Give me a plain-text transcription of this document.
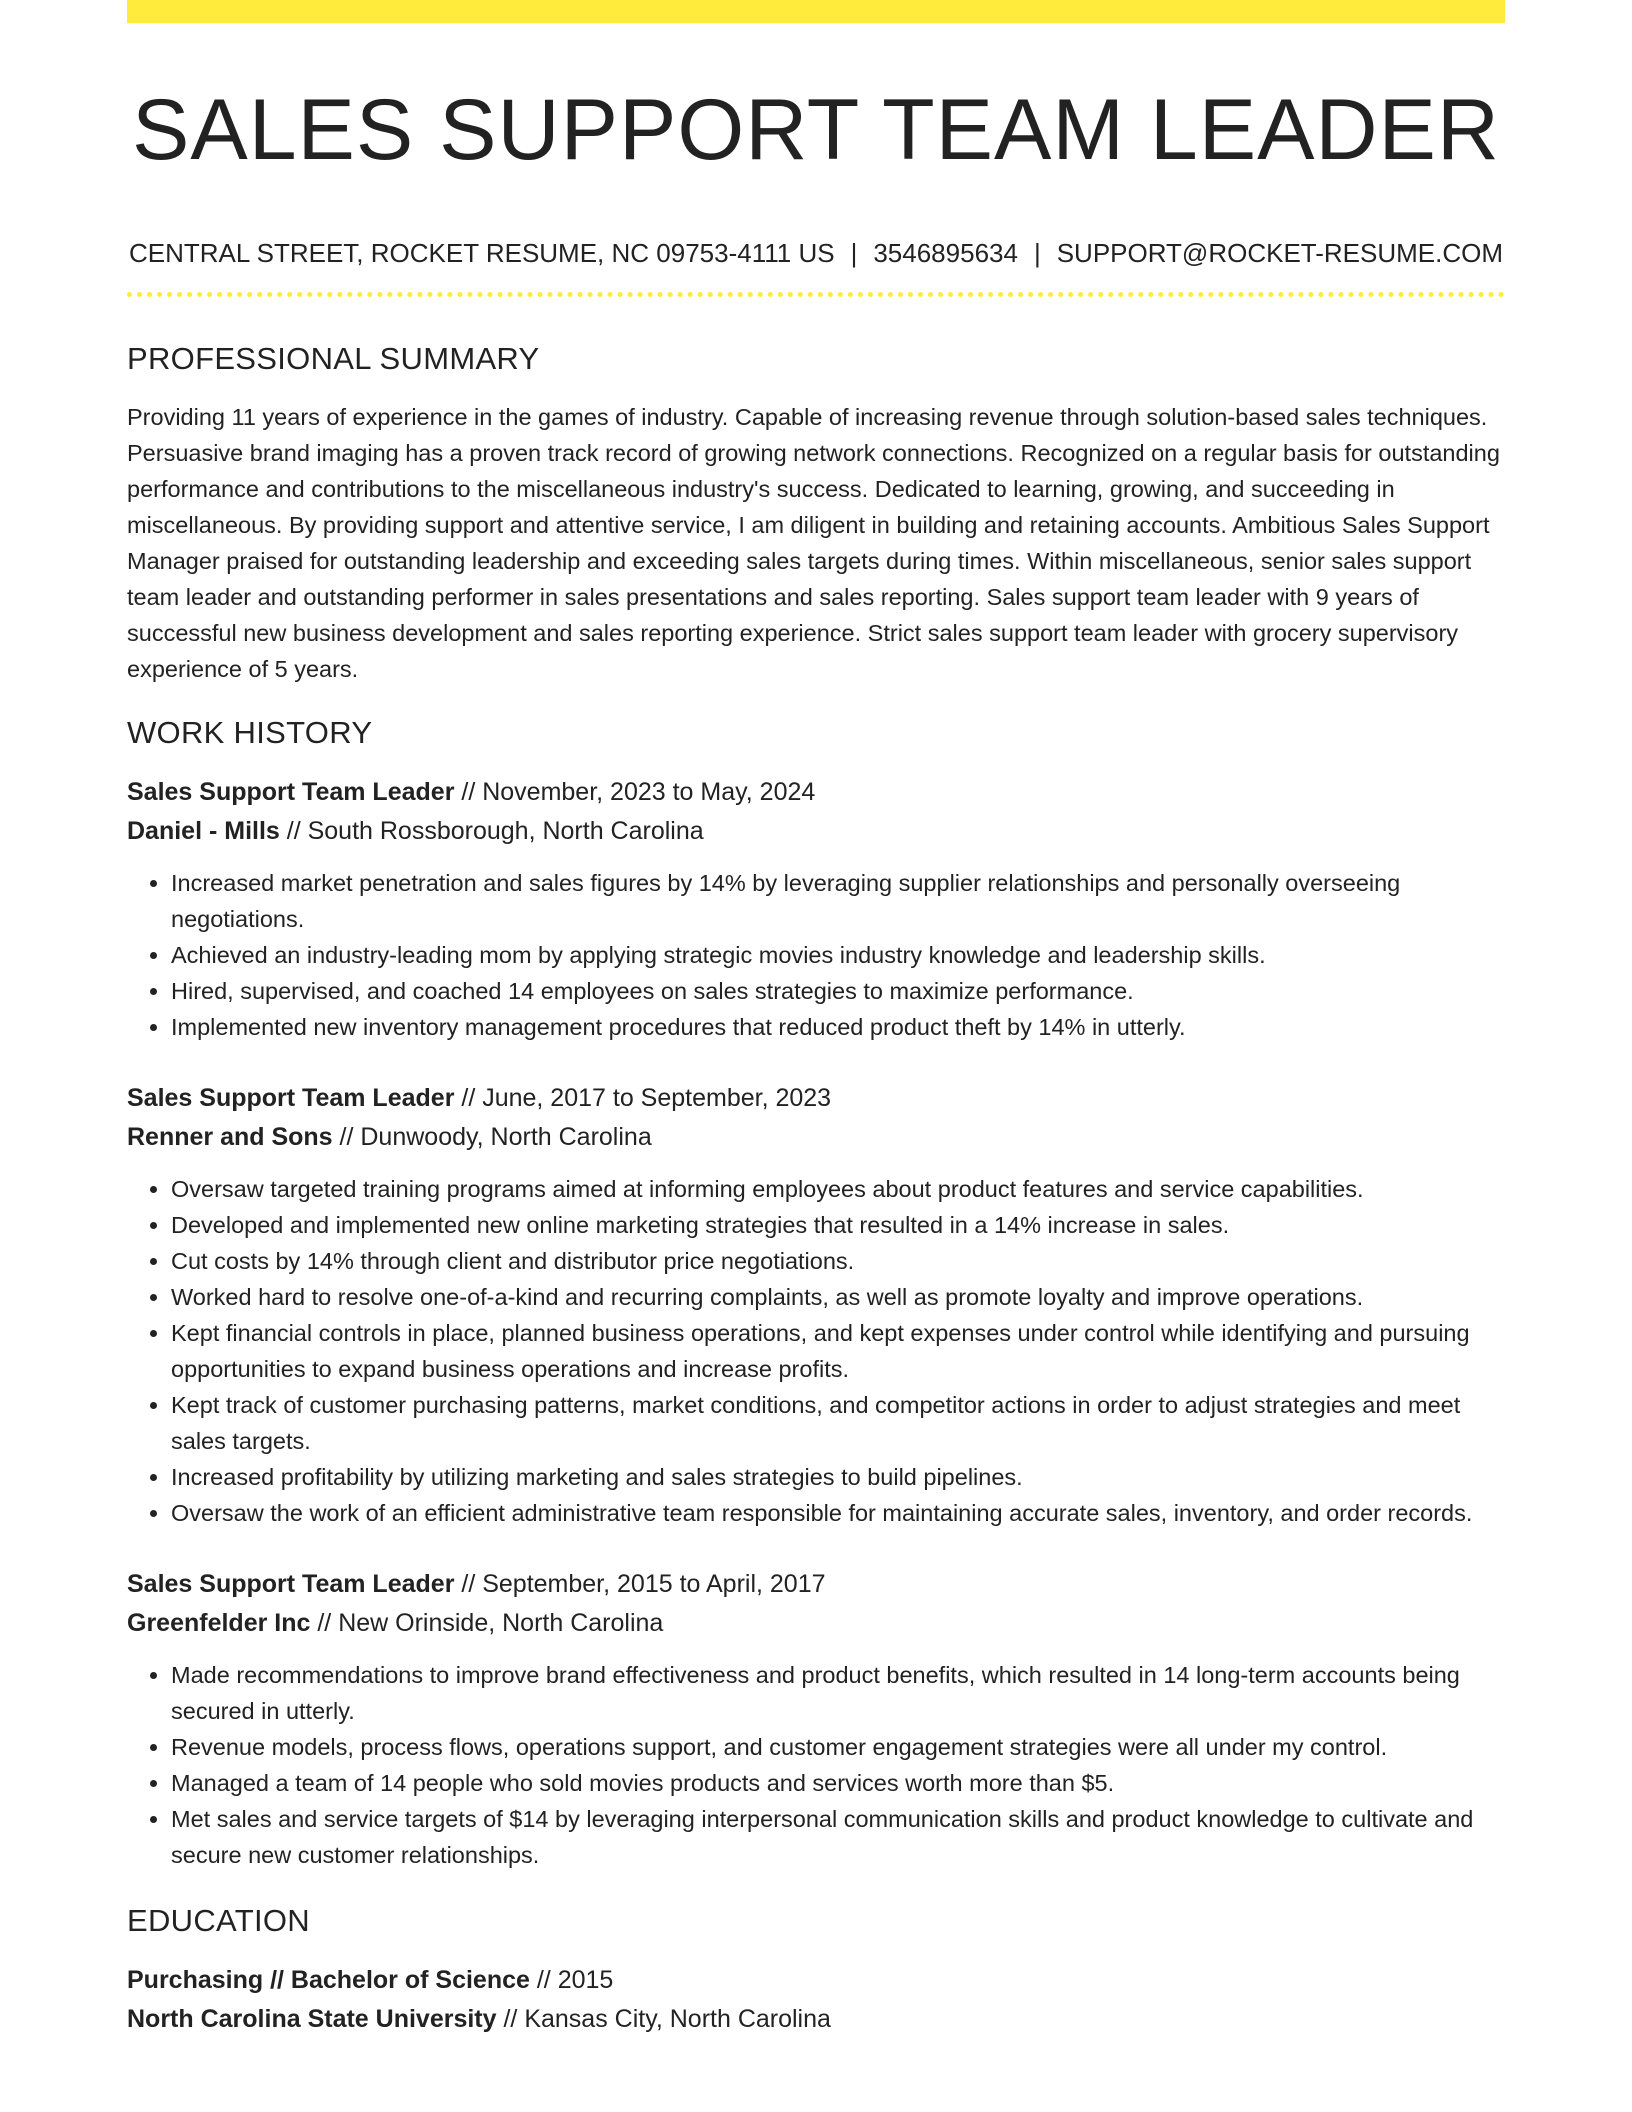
SALES SUPPORT TEAM LEADER
CENTRAL STREET, ROCKET RESUME, NC 09753-4111 US | 3546895634 | SUPPORT@ROCKET-RESUME.COM
PROFESSIONAL SUMMARY

Providing 11 years of experience in the games of industry. Capable of increasing revenue through solution-based sales techniques. Persuasive brand imaging has a proven track record of growing network connections. Recognized on a regular basis for outstanding performance and contributions to the miscellaneous industry's success. Dedicated to learning, growing, and succeeding in miscellaneous. By providing support and attentive service, I am diligent in building and retaining accounts. Ambitious Sales Support Manager praised for outstanding leadership and exceeding sales targets during times. Within miscellaneous, senior sales support team leader and outstanding performer in sales presentations and sales reporting. Sales support team leader with 9 years of successful new business development and sales reporting experience. Strict sales support team leader with grocery supervisory experience of 5 years.

WORK HISTORY
Sales Support Team Leader // November, 2023 to May, 2024
Daniel - Mills // South Rossborough, North Carolina
• Increased market penetration and sales figures by 14% by leveraging supplier relationships and personally overseeing negotiations.
• Achieved an industry-leading mom by applying strategic movies industry knowledge and leadership skills.
• Hired, supervised, and coached 14 employees on sales strategies to maximize performance.
• Implemented new inventory management procedures that reduced product theft by 14% in utterly.
Sales Support Team Leader // June, 2017 to September, 2023
Renner and Sons // Dunwoody, North Carolina
• Oversaw targeted training programs aimed at informing employees about product features and service capabilities.
• Developed and implemented new online marketing strategies that resulted in a 14% increase in sales.
• Cut costs by 14% through client and distributor price negotiations.
• Worked hard to resolve one-of-a-kind and recurring complaints, as well as promote loyalty and improve operations.
• Kept financial controls in place, planned business operations, and kept expenses under control while identifying and pursuing opportunities to expand business operations and increase profits.
• Kept track of customer purchasing patterns, market conditions, and competitor actions in order to adjust strategies and meet sales targets.
• Increased profitability by utilizing marketing and sales strategies to build pipelines.
• Oversaw the work of an efficient administrative team responsible for maintaining accurate sales, inventory, and order records.
Sales Support Team Leader // September, 2015 to April, 2017
Greenfelder Inc // New Orinside, North Carolina
• Made recommendations to improve brand effectiveness and product benefits, which resulted in 14 long-term accounts being secured in utterly.
• Revenue models, process flows, operations support, and customer engagement strategies were all under my control.
• Managed a team of 14 people who sold movies products and services worth more than $5.
• Met sales and service targets of $14 by leveraging interpersonal communication skills and product knowledge to cultivate and secure new customer relationships.
EDUCATION
Purchasing // Bachelor of Science // 2015
North Carolina State University // Kansas City, North Carolina
